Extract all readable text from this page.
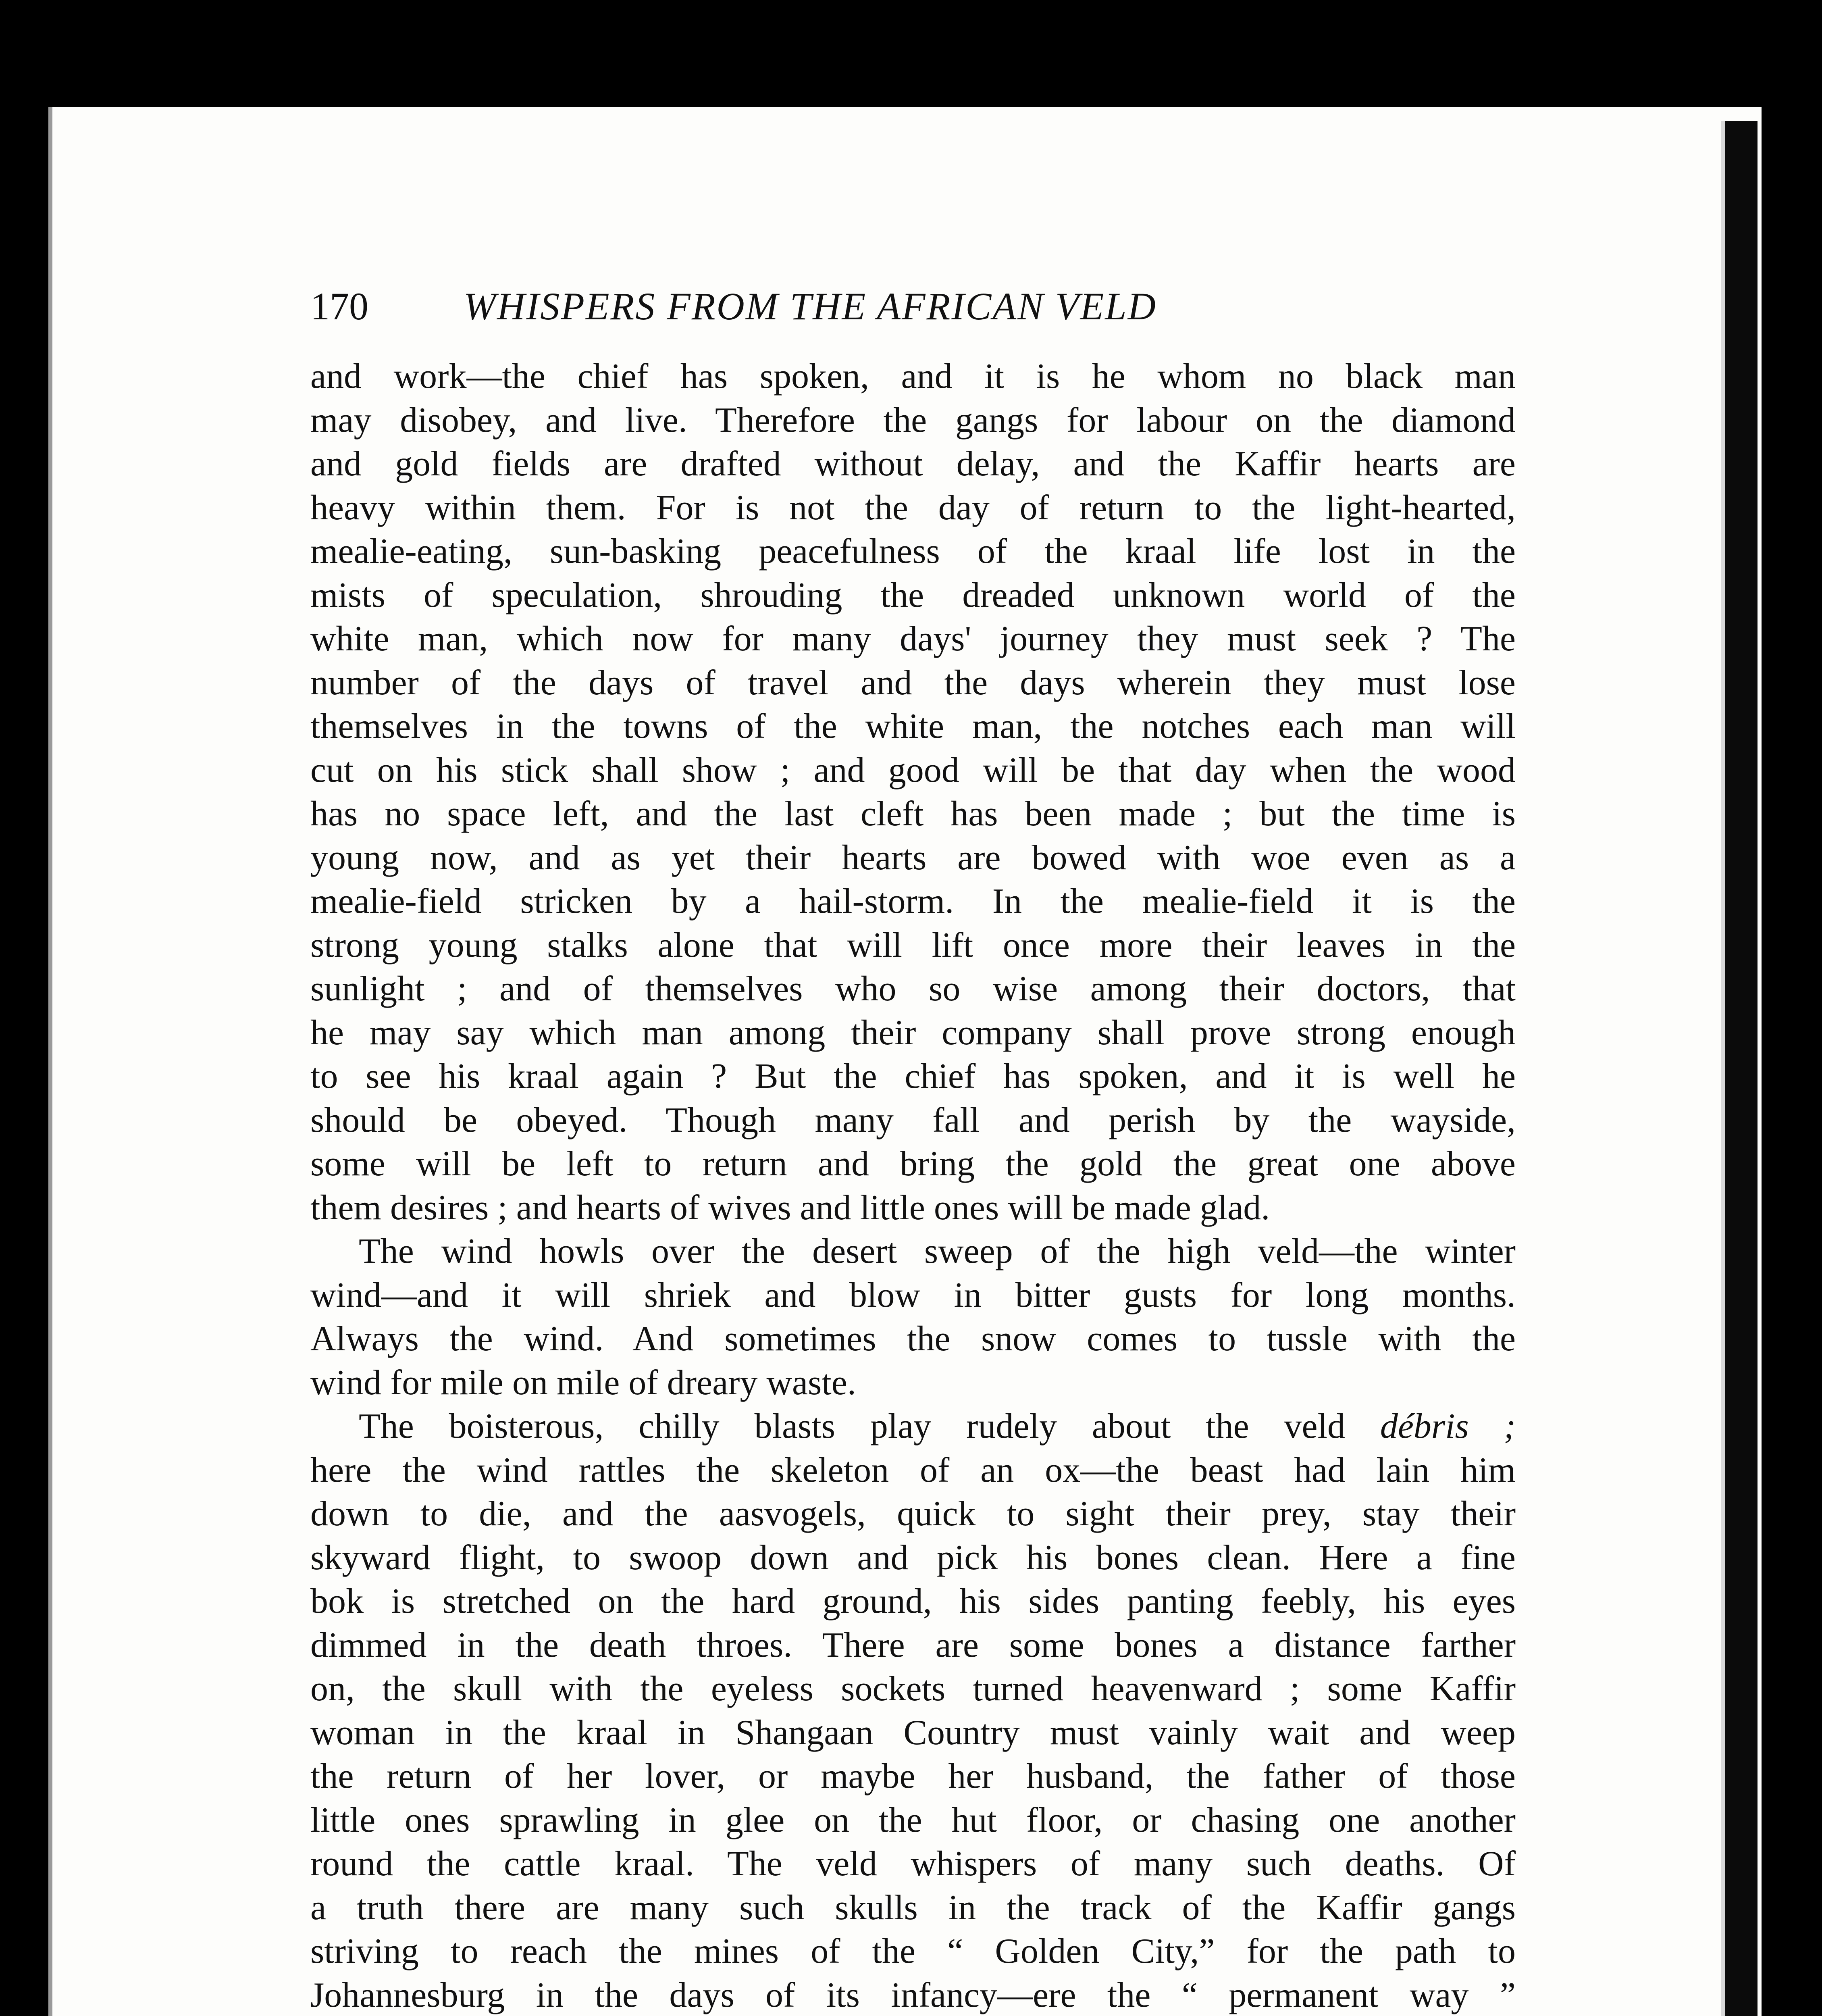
170 WHISPERS FROM THE AFRICAN VELD
and work—the chief has spoken, and it is he whom no black man
may disobey, and live. Therefore the gangs for labour on the diamond
and gold fields are drafted without delay, and the Kaffir hearts are
heavy within them. For is not the day of return to the light-hearted,
mealie-eating, sun-basking peacefulness of the kraal life lost in the
mists of speculation, shrouding the dreaded unknown world of the
white man, which now for many days' journey they must seek ? The
number of the days of travel and the days wherein they must lose
themselves in the towns of the white man, the notches each man will
cut on his stick shall show ; and good will be that day when the wood
has no space left, and the last cleft has been made ; but the time is
young now, and as yet their hearts are bowed with woe even as a
mealie-field stricken by a hail-storm. In the mealie-field it is the
strong young stalks alone that will lift once more their leaves in the
sunlight ; and of themselves who so wise among their doctors, that
he may say which man among their company shall prove strong enough
to see his kraal again ? But the chief has spoken, and it is well he
should be obeyed. Though many fall and perish by the wayside,
some will be left to return and bring the gold the great one above
them desires ; and hearts of wives and little ones will be made glad.
The wind howls over the desert sweep of the high veld—the winter
wind—and it will shriek and blow in bitter gusts for long months.
Always the wind. And sometimes the snow comes to tussle with the
wind for mile on mile of dreary waste.
The boisterous, chilly blasts play rudely about the veld débris ;
here the wind rattles the skeleton of an ox—the beast had lain him
down to die, and the aasvogels, quick to sight their prey, stay their
skyward flight, to swoop down and pick his bones clean. Here a fine
bok is stretched on the hard ground, his sides panting feebly, his eyes
dimmed in the death throes. There are some bones a distance farther
on, the skull with the eyeless sockets turned heavenward ; some Kaffir
woman in the kraal in Shangaan Country must vainly wait and weep
the return of her lover, or maybe her husband, the father of those
little ones sprawling in glee on the hut floor, or chasing one another
round the cattle kraal. The veld whispers of many such deaths. Of
a truth there are many such skulls in the track of the Kaffir gangs
striving to reach the mines of the “ Golden City,” for the path to
Johannesburg in the days of its infancy—ere the “ permanent way ”
